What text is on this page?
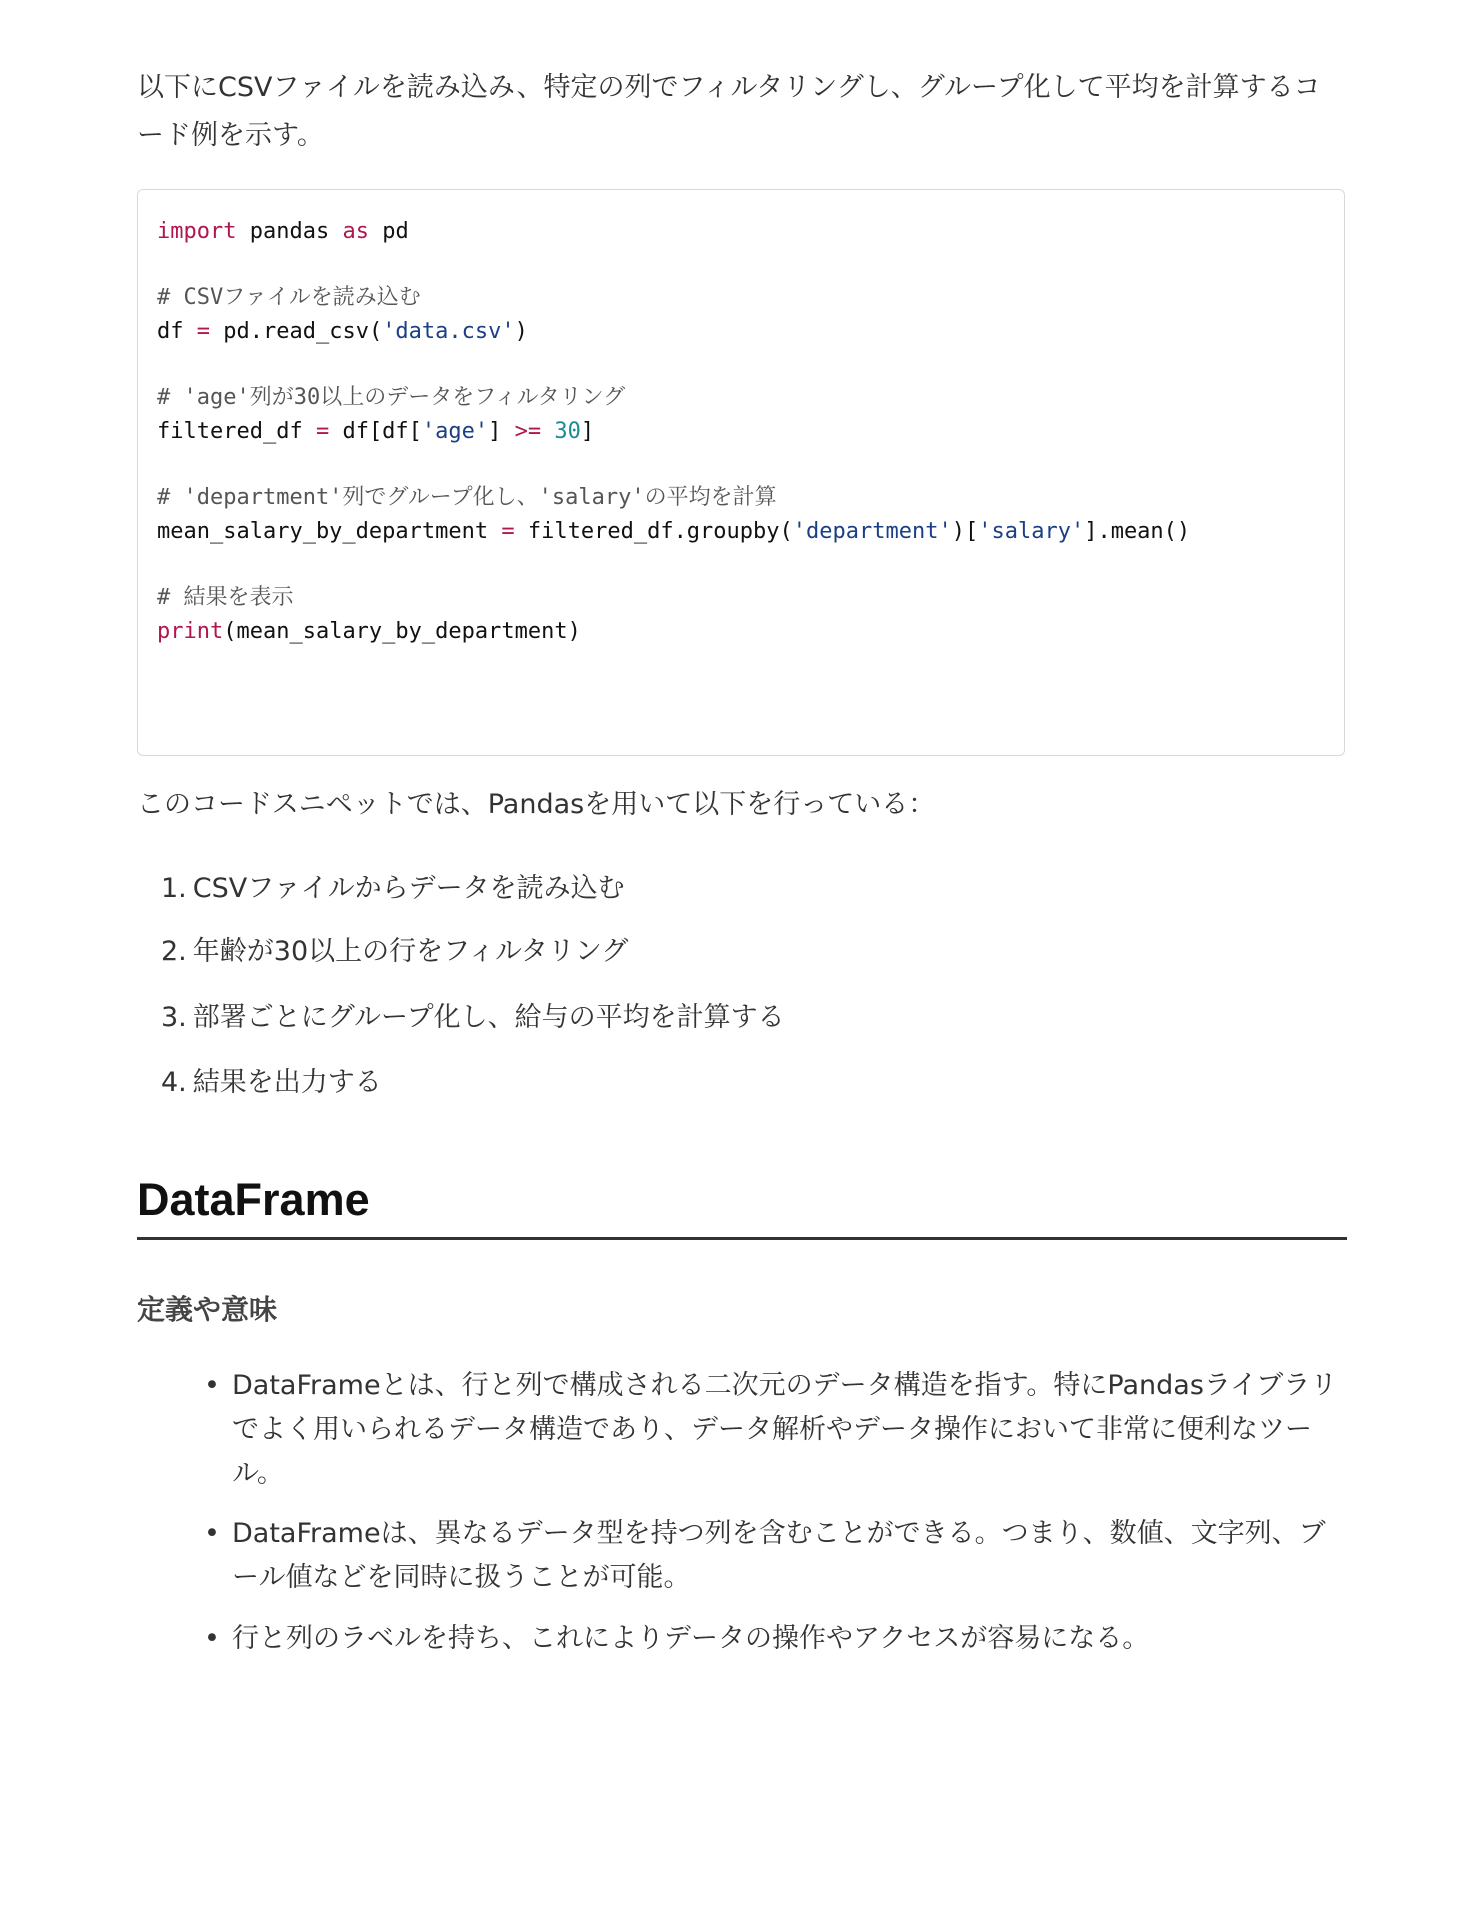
以下にCSVファイルを読み込み、特定の列でフィルタリングし、グループ化して平均を計算するコード例を示す。
import pandas as pd
# CSVファイルを読み込む
df = pd.read_csv('data.csv')
# 'age'列が30以上のデータをフィルタリング
filtered_df = df[df['age'] >= 30]
# 'department'列でグループ化し、'salary'の平均を計算
mean_salary_by_department = filtered_df.groupby('department')['salary'].mean()
# 結果を表示
print(mean_salary_by_department)
このコードスニペットでは、Pandasを用いて以下を行っている：
1. CSVファイルからデータを読み込む
2. 年齢が30以上の行をフィルタリング
3. 部署ごとにグループ化し、給与の平均を計算する
4. 結果を出力する
DataFrame
定義や意味
• DataFrameとは、行と列で構成される二次元のデータ構造を指す。特にPandasライブラリでよく用いられるデータ構造であり、データ解析やデータ操作において非常に便利なツール。
• DataFrameは、異なるデータ型を持つ列を含むことができる。つまり、数値、文字列、ブール値などを同時に扱うことが可能。
• 行と列のラベルを持ち、これによりデータの操作やアクセスが容易になる。
